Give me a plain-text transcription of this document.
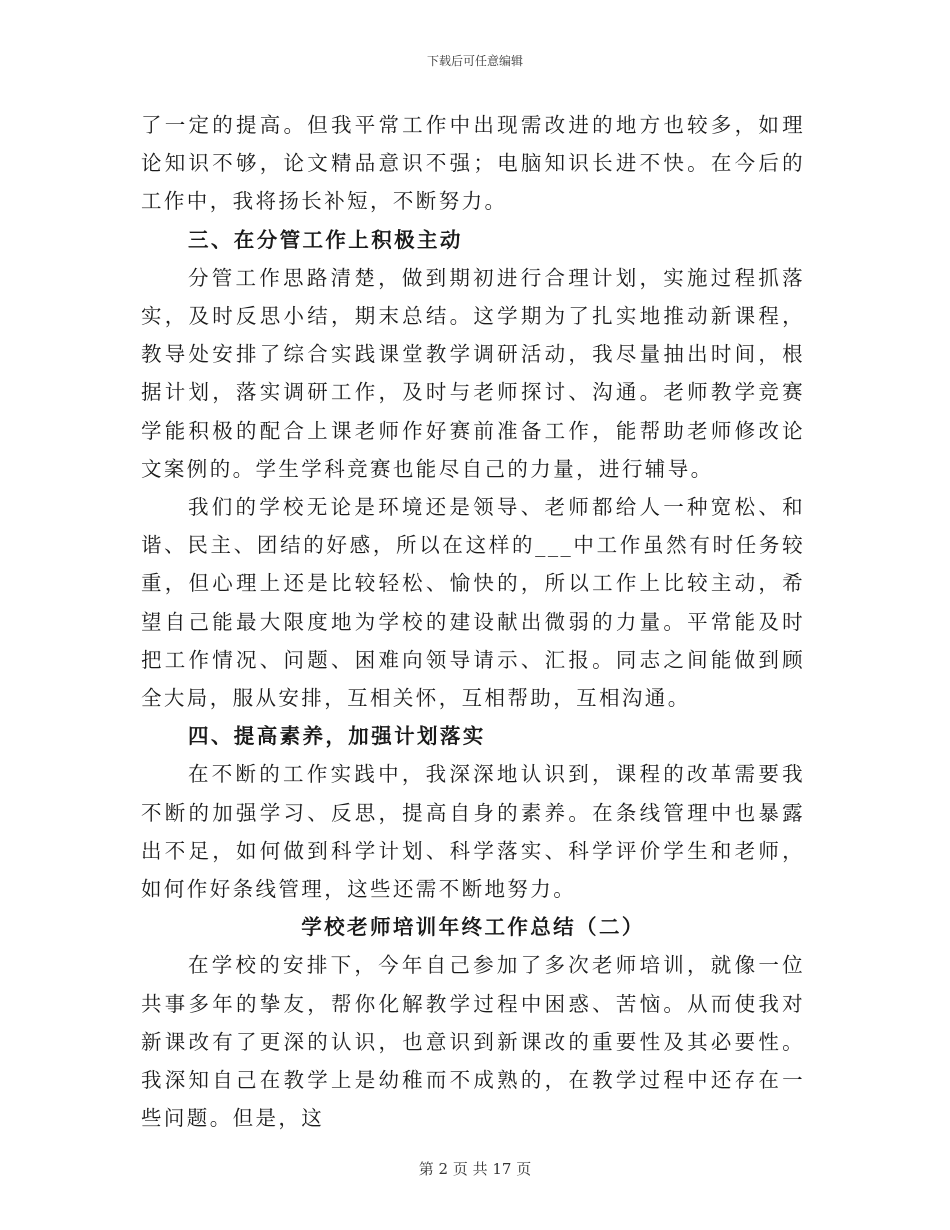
下载后可任意编辑

了一定的提高。但我平常工作中出现需改进的地方也较多，如理论知识不够，论文精品意识不强；电脑知识长进不快。在今后的工作中，我将扬长补短，不断努力。

三、在分管工作上积极主动

分管工作思路清楚，做到期初进行合理计划，实施过程抓落实，及时反思小结，期末总结。这学期为了扎实地推动新课程，教导处安排了综合实践课堂教学调研活动，我尽量抽出时间，根据计划，落实调研工作，及时与老师探讨、沟通。老师教学竞赛学能积极的配合上课老师作好赛前准备工作，能帮助老师修改论文案例的。学生学科竞赛也能尽自己的力量，进行辅导。

我们的学校无论是环境还是领导、老师都给人一种宽松、和谐、民主、团结的好感，所以在这样的___中工作虽然有时任务较重，但心理上还是比较轻松、愉快的，所以工作上比较主动，希望自己能最大限度地为学校的建设献出微弱的力量。平常能及时把工作情况、问题、困难向领导请示、汇报。同志之间能做到顾全大局，服从安排，互相关怀，互相帮助，互相沟通。

四、提高素养，加强计划落实

在不断的工作实践中，我深深地认识到，课程的改革需要我不断的加强学习、反思，提高自身的素养。在条线管理中也暴露出不足，如何做到科学计划、科学落实、科学评价学生和老师，如何作好条线管理，这些还需不断地努力。

学校老师培训年终工作总结（二）

在学校的安排下，今年自己参加了多次老师培训，就像一位共事多年的挚友，帮你化解教学过程中困惑、苦恼。从而使我对新课改有了更深的认识，也意识到新课改的重要性及其必要性。我深知自己在教学上是幼稚而不成熟的，在教学过程中还存在一些问题。但是，这

第 2 页 共 17 页
